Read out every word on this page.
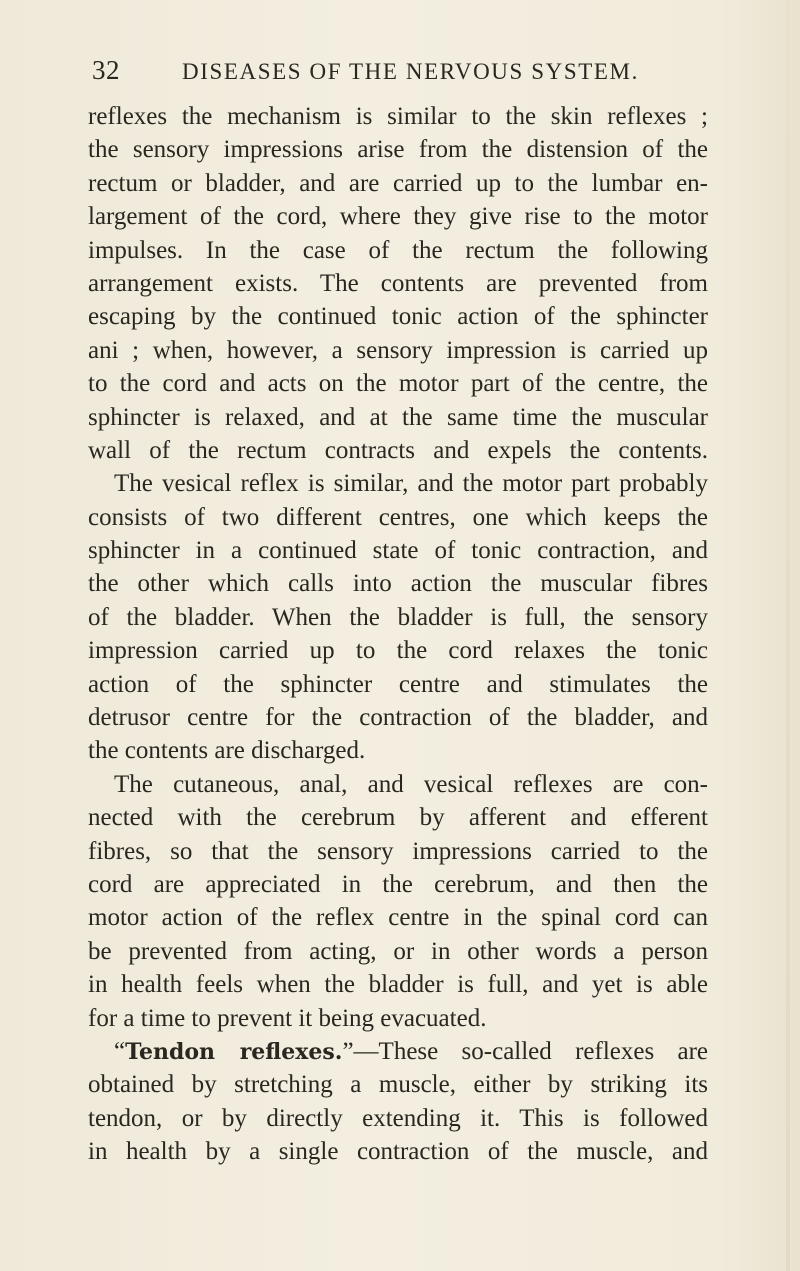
32	DISEASES OF THE NERVOUS SYSTEM.
reflexes the mechanism is similar to the skin reflexes ;
the sensory impressions arise from the distension of the
rectum or bladder, and are carried up to the lumbar en-
largement of the cord, where they give rise to the motor
impulses. In the case of the rectum the following
arrangement exists. The contents are prevented from
escaping by the continued tonic action of the sphincter
ani ; when, however, a sensory impression is carried up
to the cord and acts on the motor part of the centre, the
sphincter is relaxed, and at the same time the muscular
wall of the rectum contracts and expels the contents.
The vesical reflex is similar, and the motor part probably
consists of two different centres, one which keeps the
sphincter in a continued state of tonic contraction, and
the other which calls into action the muscular fibres
of the bladder. When the bladder is full, the sensory
impression carried up to the cord relaxes the tonic
action of the sphincter centre and stimulates the
detrusor centre for the contraction of the bladder, and
the contents are discharged.
The cutaneous, anal, and vesical reflexes are con-
nected with the cerebrum by afferent and efferent
fibres, so that the sensory impressions carried to the
cord are appreciated in the cerebrum, and then the
motor action of the reflex centre in the spinal cord can
be prevented from acting, or in other words a person
in health feels when the bladder is full, and yet is able
for a time to prevent it being evacuated.
“Tendon reflexes.”—These so-called reflexes are
obtained by stretching a muscle, either by striking its
tendon, or by directly extending it. This is followed
in health by a single contraction of the muscle, and
